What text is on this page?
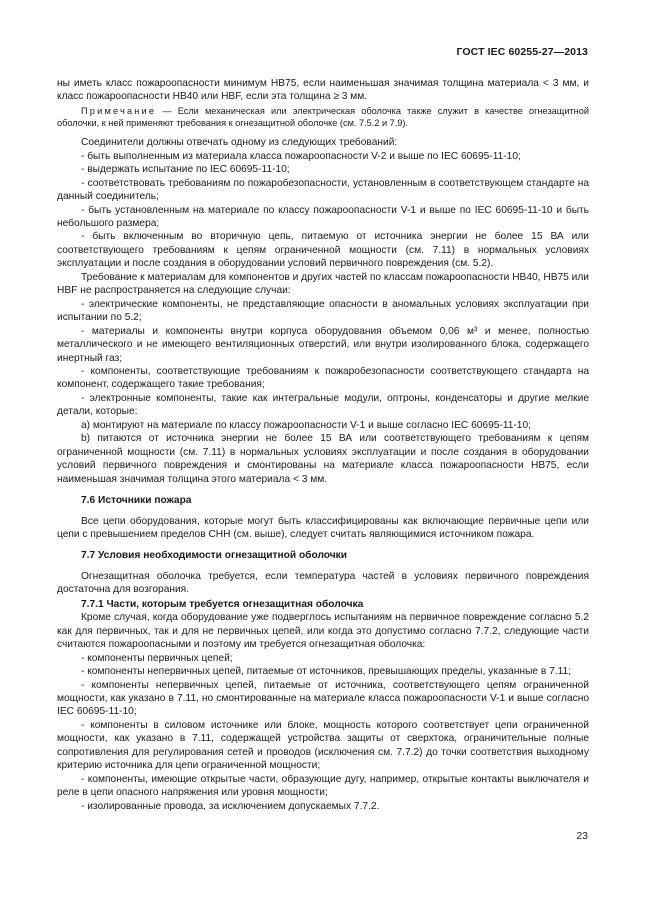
ГОСТ IEC 60255-27—2013

ны иметь класс пожароопасности минимум НВ75, если наименьшая значимая толщина материала < 3 мм, и класс пожароопасности НВ40 или HBF, если эта толщина ≥ 3 мм.

Примечание — Если механическая или электрическая оболочка также служит в качестве огнезащитной оболочки, к ней применяют требования к огнезащитной оболочке (см. 7.5.2 и 7.9).

Соединители должны отвечать одному из следующих требований:

- быть выполненным из материала класса пожароопасности V-2 и выше по IEC 60695-11-10;

- выдержать испытание по IEC 60695-11-10;

- соответствовать требованиям по пожаробезопасности, установленным в соответствующем стандарте на данный соединитель;

- быть установленным на материале по классу пожароопасности V-1 и выше по IEC 60695-11-10 и быть небольшого размера;

- быть включенным во вторичную цепь, питаемую от источника энергии не более 15 ВА или соответствующего требованиям к цепям ограниченной мощности (см. 7.11) в нормальных условиях эксплуатации и после создания в оборудовании условий первичного повреждения (см. 5.2).

Требование к материалам для компонентов и других частей по классам пожароопасности НВ40, НВ75 или HBF не распространяется на следующие случаи:

- электрические компоненты, не представляющие опасности в аномальных условиях эксплуатации при испытании по 5.2;

- материалы и компоненты внутри корпуса оборудования объемом 0,06 м³ и менее, полностью металлического и не имеющего вентиляционных отверстий, или внутри изолированного блока, содержащего инертный газ;

- компоненты, соответствующие требованиям к пожаробезопасности соответствующего стандарта на компонент, содержащего такие требования;

- электронные компоненты, такие как интегральные модули, оптроны, конденсаторы и другие мелкие детали, которые:

а) монтируют на материале по классу пожароопасности V-1 и выше согласно IEC 60695-11-10;

b) питаются от источника энергии не более 15 ВА или соответствующего требованиям к цепям ограниченной мощности (см. 7.11) в нормальных условиях эксплуатации и после создания в оборудовании условий первичного повреждения и смонтированы на материале класса пожароопасности НВ75, если наименьшая значимая толщина этого материала < 3 мм.

7.6 Источники пожара

Все цепи оборудования, которые могут быть классифицированы как включающие первичные цепи или цепи с превышением пределов СНН (см. выше), следует считать являющимися источником пожара.

7.7 Условия необходимости огнезащитной оболочки

Огнезащитная оболочка требуется, если температура частей в условиях первичного повреждения достаточна для возгорания.

7.7.1 Части, которым требуется огнезащитная оболочка

Кроме случая, когда оборудование уже подверглось испытаниям на первичное повреждение согласно 5.2 как для первичных, так и для не первичных цепей, или когда это допустимо согласно 7.7.2, следующие части считаются пожароопасными и поэтому им требуется огнезащитная оболочка:

- компоненты первичных цепей;

- компоненты непервичных цепей, питаемые от источников, превышающих пределы, указанные в 7.11;

- компоненты непервичных цепей, питаемые от источника, соответствующего цепям ограниченной мощности, как указано в 7.11, но смонтированные на материале класса пожароопасности V-1 и выше согласно IEC 60695-11-10;

- компоненты в силовом источнике или блоке, мощность которого соответствует цепи ограниченной мощности, как указано в 7.11, содержащей устройства защиты от сверхтока, ограничительные полные сопротивления для регулирования сетей и проводов (исключения см. 7.7.2) до точки соответствия выходному критерию источника для цепи ограниченной мощности;

- компоненты, имеющие открытые части, образующие дугу, например, открытые контакты выключателя и реле в цепи опасного напряжения или уровня мощности;

- изолированные провода, за исключением допускаемых 7.7.2.

23
